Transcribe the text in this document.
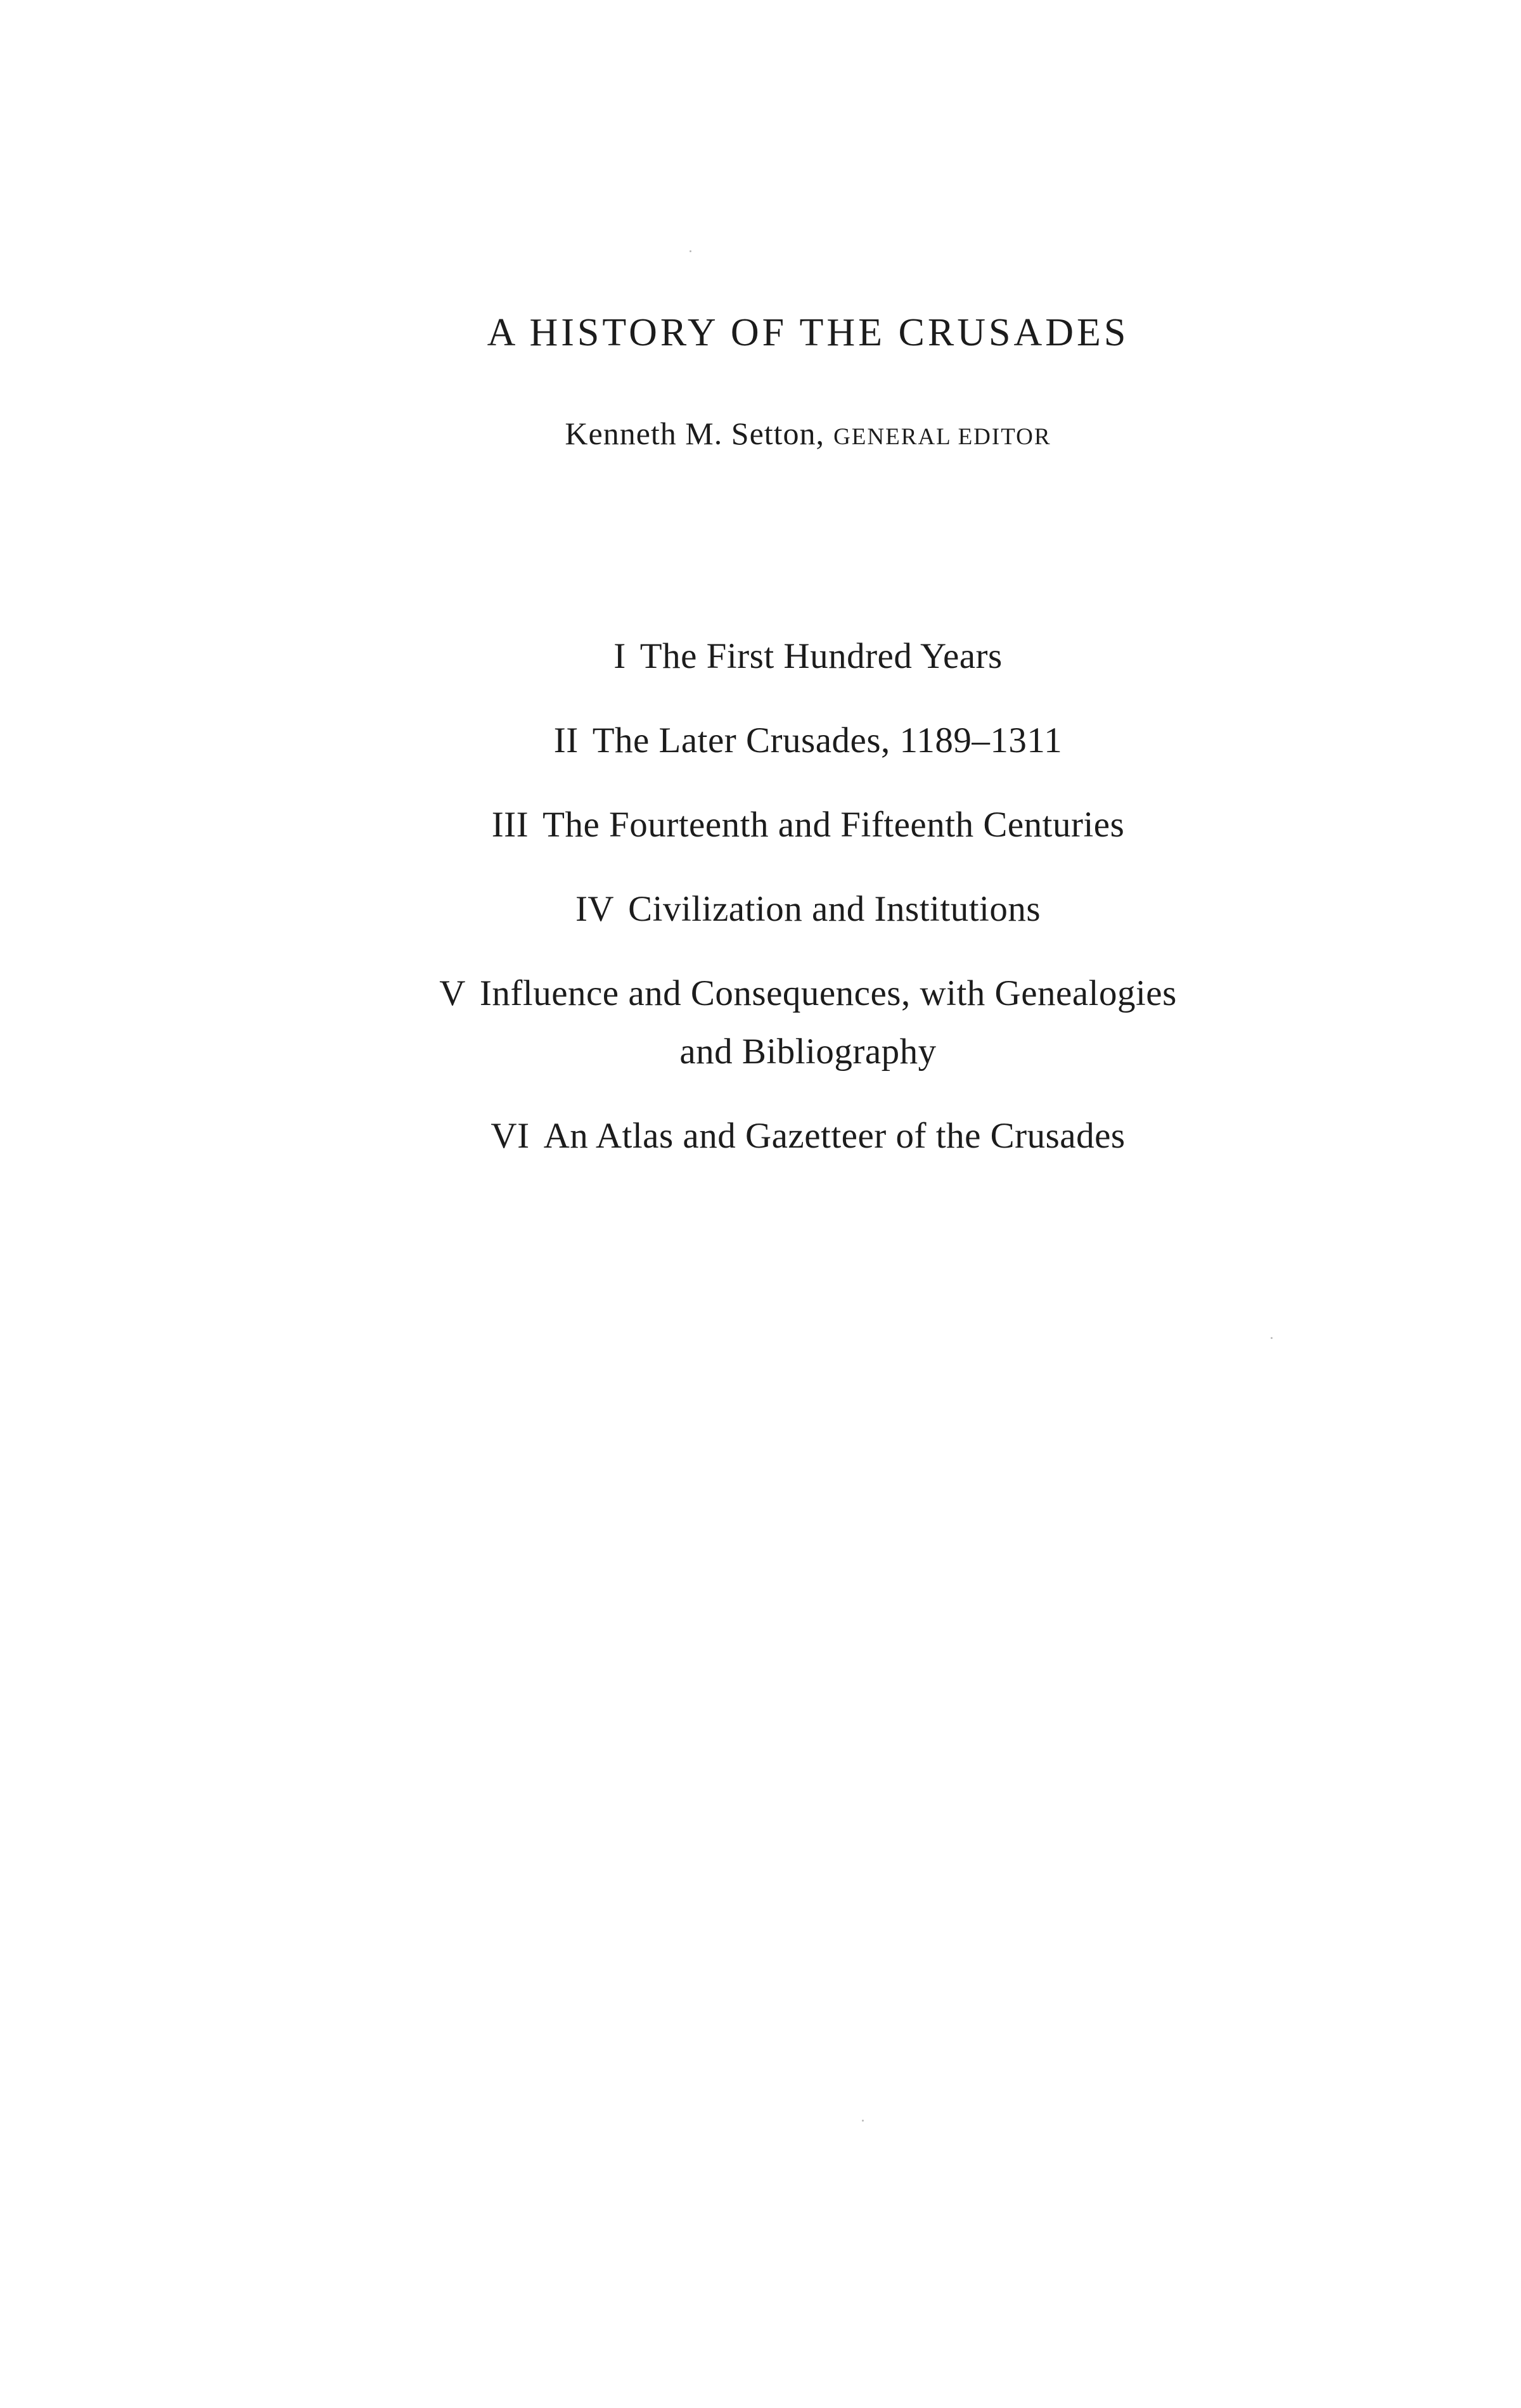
A HISTORY OF THE CRUSADES
Kenneth M. Setton, GENERAL EDITOR
I The First Hundred Years
II The Later Crusades, 1189–1311
III The Fourteenth and Fifteenth Centuries
IV Civilization and Institutions
V Influence and Consequences, with Genealogies
and Bibliography
VI An Atlas and Gazetteer of the Crusades
